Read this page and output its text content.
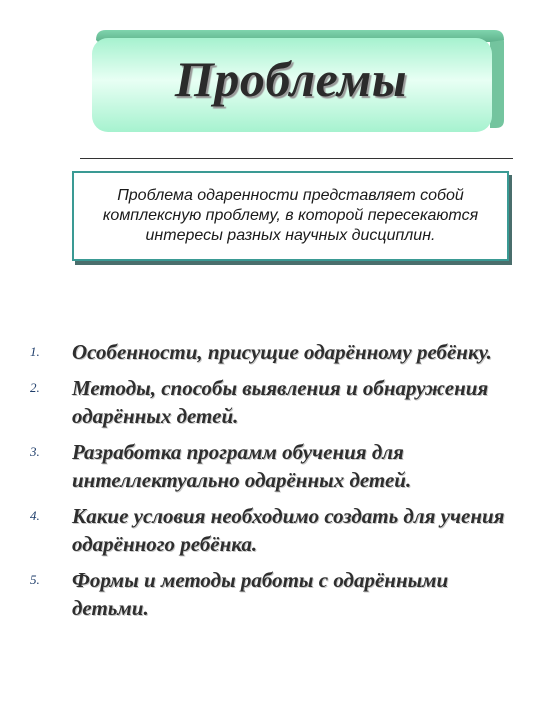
Проблемы

Проблема одаренности представляет собой комплексную проблему, в которой пересекаются интересы разных научных дисциплин.

1.	Особенности, присущие одарённому ребёнку.
2.	Методы, способы выявления и обнаружения одарённых детей.
3.	Разработка программ обучения для интеллектуально одарённых детей.
4.	Какие условия необходимо создать для учения одарённого ребёнка.
5.	Формы и методы работы с одарёнными детьми.
